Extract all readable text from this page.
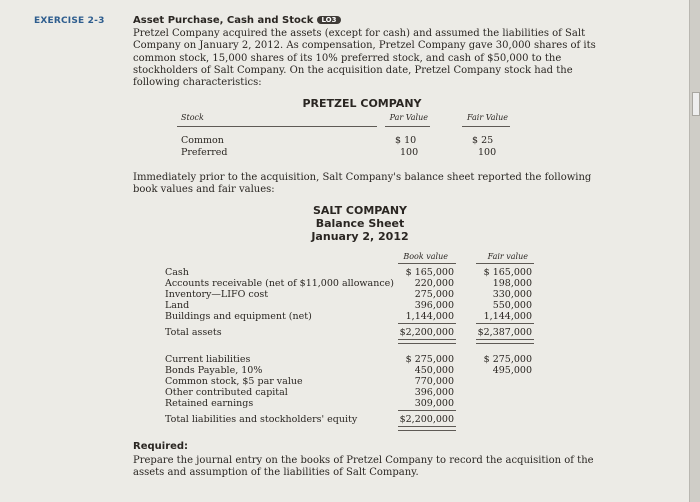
EXERCISE 2-3	Asset Purchase, Cash and Stock LO3
Pretzel Company acquired the assets (except for cash) and assumed the liabilities of Salt Company on January 2, 2012. As compensation, Pretzel Company gave 30,000 shares of its common stock, 15,000 shares of its 10% preferred stock, and cash of $50,000 to the stockholders of Salt Company. On the acquisition date, Pretzel Company stock had the following characteristics:
PRETZEL COMPANY
Stock	Par Value	Fair Value
Common	$ 10	$ 25
Preferred	100	100
Immediately prior to the acquisition, Salt Company's balance sheet reported the following book values and fair values:
SALT COMPANY
Balance Sheet
January 2, 2012
Book value	Fair value
Cash	$ 165,000	$ 165,000
Accounts receivable (net of $11,000 allowance)	220,000	198,000
Inventory—LIFO cost	275,000	330,000
Land	396,000	550,000
Buildings and equipment (net)	1,144,000	1,144,000
Total assets	$2,200,000	$2,387,000
Current liabilities	$ 275,000	$ 275,000
Bonds Payable, 10%	450,000	495,000
Common stock, $5 par value	770,000
Other contributed capital	396,000
Retained earnings	309,000
Total liabilities and stockholders' equity	$2,200,000
Required:
Prepare the journal entry on the books of Pretzel Company to record the acquisition of the assets and assumption of the liabilities of Salt Company.
